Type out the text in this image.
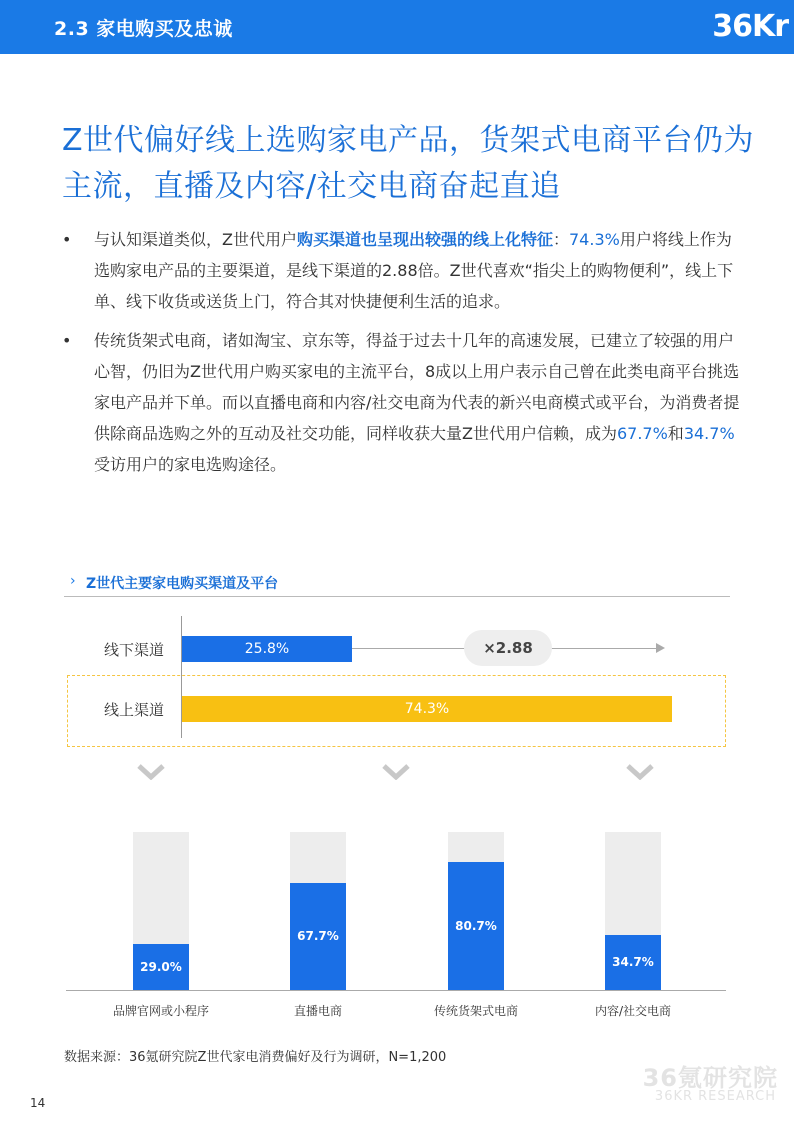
2.3 家电购买及忠诚	36Kr
Z世代偏好线上选购家电产品，货架式电商平台仍为主流，直播及内容/社交电商奋起直追
• 与认知渠道类似，Z世代用户购买渠道也呈现出较强的线上化特征：74.3%用户将线上作为选购家电产品的主要渠道，是线下渠道的2.88倍。Z世代喜欢“指尖上的购物便利”，线上下单、线下收货或送货上门，符合其对快捷便利生活的追求。
• 传统货架式电商，诸如淘宝、京东等，得益于过去十几年的高速发展，已建立了较强的用户心智，仍旧为Z世代用户购买家电的主流平台，8成以上用户表示自己曾在此类电商平台挑选家电产品并下单。而以直播电商和内容/社交电商为代表的新兴电商模式或平台，为消费者提供除商品选购之外的互动及社交功能，同样收获大量Z世代用户信赖，成为67.7%和34.7%受访用户的家电选购途径。
› Z世代主要家电购买渠道及平台
线下渠道	25.8%	×2.88
线上渠道	74.3%
29.0%
67.7%
80.7%
34.7%
品牌官网或小程序	直播电商	传统货架式电商	内容/社交电商
数据来源：36氪研究院Z世代家电消费偏好及行为调研，N=1,200
36氪研究院
36KR RESEARCH
14
